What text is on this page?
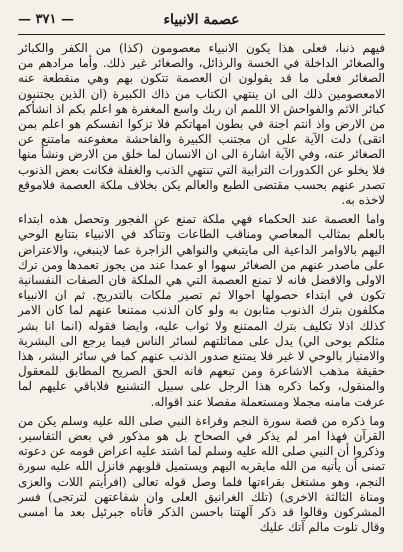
عصمة الانبياء
— ٣٧١ —

فيهم ذنبا، فعلى هذا يكون الانبياء معصومون (كذا) من الكفر والكبائر والصغائر الداخلة في الخسة والرذائل، والصغائر غير ذلك. وأما مرادهم من الصغائر فعلى ما قد يقولون ان العصمة تتكون بهم وهي منقطعة عنه الامعصومين ذلك الى ان ينتهي الكتاب من ذاك الكبيرة (ان الذين يجتنبون كبائر الاثم والفواحش الا اللمم ان ربك واسع المغفرة هو اعلم بكم اذ انشأكم من الارض واذ انتم اجنة في بطون امهاتكم فلا تزكوا انفسكم هو اعلم بمن اتقى) دلت الآية على ان مجتنب الكبيرة والفاحشة معفوعنه مامتنع عن الصغائر عنه، وفي الآية اشارة الى ان الانسان لما خلق من الارض ونشأ منها فلا يخلو عن الكدورات الترابية التي تنتهي الذنب والغفلة فكانت بعض الذنوب تصدر عنهم بحسب مقتضى الطبع والعالم يكن بخلاف ملكة العصمة فلاموقع لاخذه به.

واما العصمة عند الحكماء فهي ملكة تمنع عن الفجور وتحصل هذه ابتداء بالعلم بمثالب المعاصي ومناقب الطاعات وتتأكد في الانبياء بتتابع الوحي اليهم بالاوامر الداعية الى مايتبغي والنواهي الزاجرة عما لاينبغي، والاعتراض على ماصدر عنهم من الصغائر سهوا او عمدا عند من يجوز تعمدها ومن ترك الاولى والافضل فانه لا تمنع العصمة التي هي الملكة فان الصفات النفسانية تكون في ابتداء حصولها احوالا ثم تصير ملكات بالتدريج. ثم ان الانبياء مكلفون بترك الذنوب مثابون به ولو كان الذنب ممتنعا عنهم لما كان الامر كذلك اذلا تكليف بترك الممتنع ولا ثواب عليه، وايضا فقوله (انما انا بشر مثلكم يوحى الي) يدل على مماثلتهم لسائر الناس فيما يرجع الى البشرية والامتياز بالوحي لا غير فلا يمتنع صدور الذنب عنهم كما في سائر البشر، هذا حقيقة مذهب الاشاعرة ومن تبعهم فانه الحق الصريح المطابق للمعقول والمنقول، وكما ذكره هذا الرجل على سبيل التشنيع فلاباقي عليهم لما عرفت مامنه مجملا ومستعملة مفصلا عند اقواله.

وما ذكره من قصة سورة النجم وقراءة النبي صلى الله عليه وسلم يكن من القرآن فهذا امر لم يذكر في الصحاح بل هو مذكور في بعض التفاسير، وذكروا أن النبي صلى الله عليه وسلم لما اشتد عليه اعراض قومه عن دعوته تمنى أن يأتيه من الله مايقربه اليهم ويستميل قلوبهم فانزل الله عليه سورة النجم، وهو مشتغل بقراءتها فلما وصل قوله تعالى (افرأيتم اللات والعزى ومناة الثالثة الاخرى) (تلك الغرانيق العلى وان شفاعتهن لترتجى) فسر المشركون وقالوا قد ذكر آلهتنا باحسن الذكر فأتاه جبرئيل بعد ما امسى وقال تلوت مالم آتك عليك
